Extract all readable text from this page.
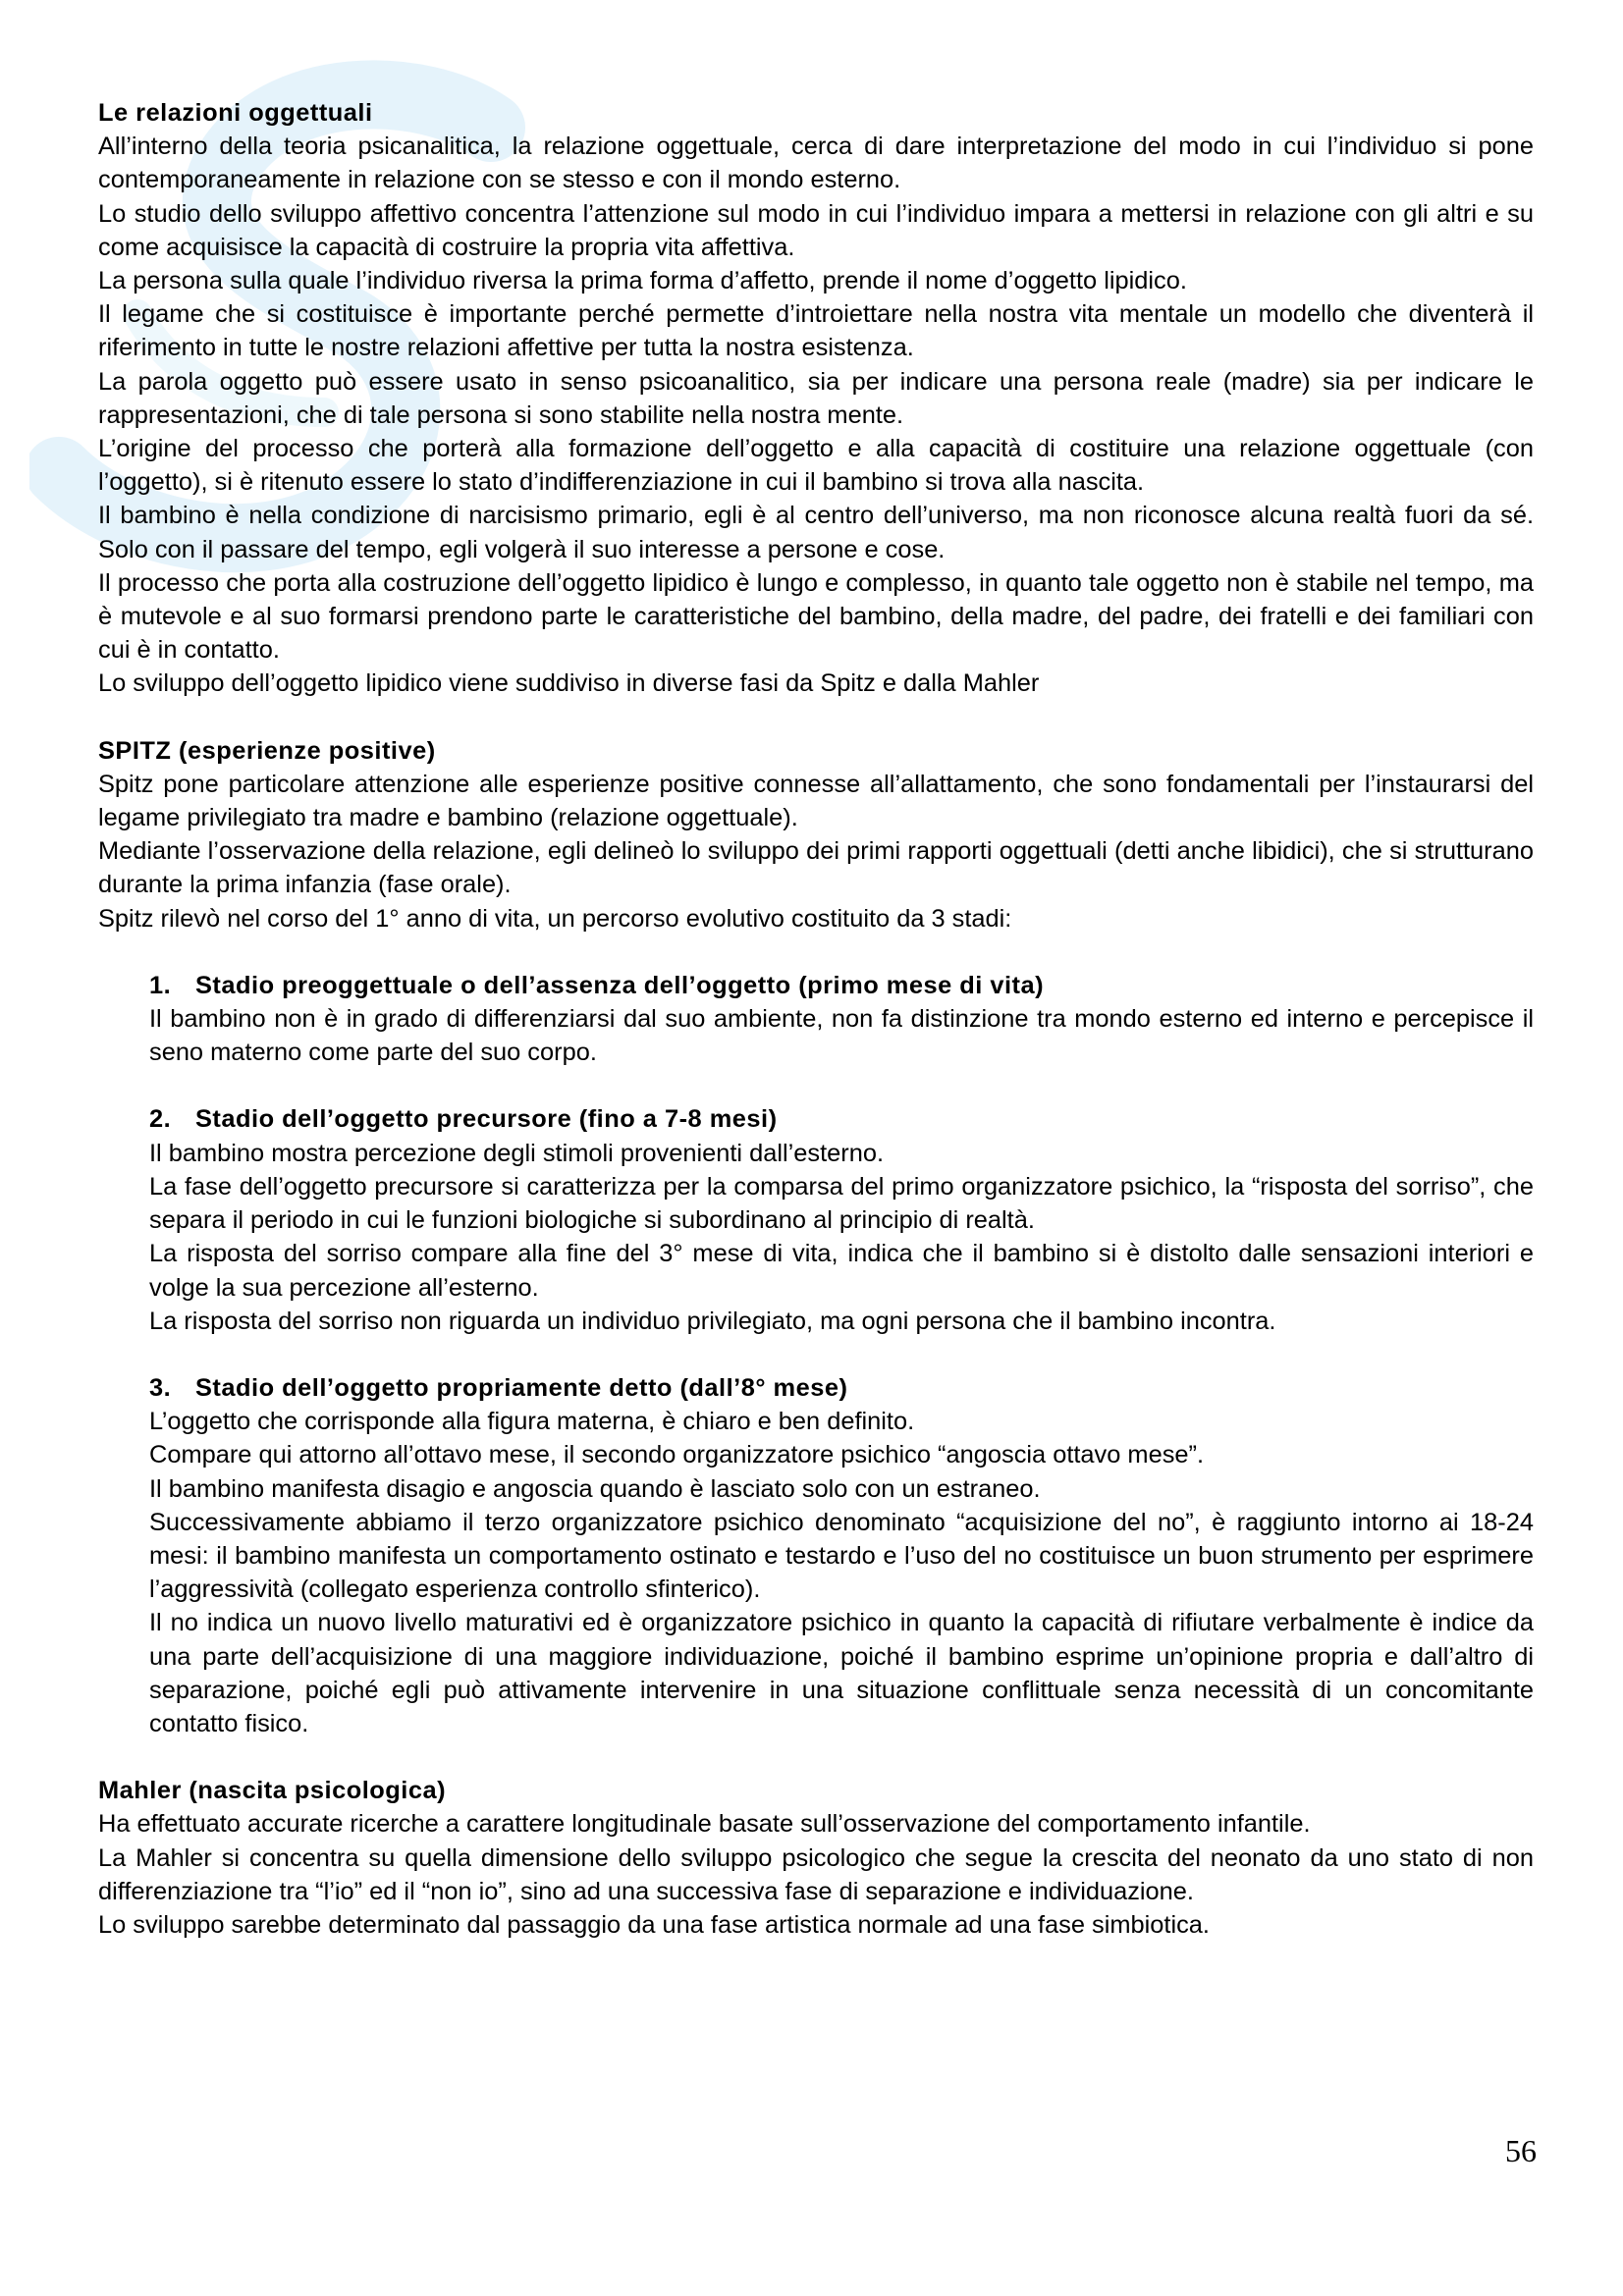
Le relazioni oggettuali

All’interno della teoria psicanalitica, la relazione oggettuale, cerca di dare interpretazione del modo in cui l’individuo si pone contemporaneamente in relazione con se stesso e con il mondo esterno.

Lo studio dello sviluppo affettivo concentra l’attenzione sul modo in cui l’individuo impara a mettersi in relazione con gli altri e su come acquisisce la capacità di costruire la propria vita affettiva.

La persona sulla quale l’individuo riversa la prima forma d’affetto, prende il nome d’oggetto lipidico.

Il legame che si costituisce è importante perché permette d’introiettare nella nostra vita mentale un modello che diventerà il riferimento in tutte le nostre relazioni affettive per tutta la nostra esistenza.

La parola oggetto può essere usato in senso psicoanalitico, sia per indicare una persona reale (madre) sia per indicare le rappresentazioni, che di tale persona si sono stabilite nella nostra mente.

L’origine del processo che porterà alla formazione dell’oggetto e alla capacità di costituire una relazione oggettuale (con l’oggetto), si è ritenuto essere lo stato d’indifferenziazione in cui il bambino si trova alla nascita.

Il bambino è nella condizione di narcisismo primario, egli è al centro dell’universo, ma non riconosce alcuna realtà fuori da sé. Solo con il passare del tempo, egli volgerà il suo interesse a persone e cose.

Il processo che porta alla costruzione dell’oggetto lipidico è lungo e complesso, in quanto tale oggetto non è stabile nel tempo, ma è mutevole e al suo formarsi prendono parte le caratteristiche del bambino, della madre, del padre, dei fratelli e dei familiari con cui è in contatto.

Lo sviluppo dell’oggetto lipidico viene suddiviso in diverse fasi da Spitz e dalla Mahler

SPITZ (esperienze positive)

Spitz pone particolare attenzione alle esperienze positive connesse all’allattamento, che sono fondamentali per l’instaurarsi del legame privilegiato tra madre e bambino (relazione oggettuale).

Mediante l’osservazione della relazione, egli delineò lo sviluppo dei primi rapporti oggettuali (detti anche libidici), che si strutturano durante la prima infanzia (fase orale).

Spitz rilevò nel corso del 1° anno di vita, un percorso evolutivo costituito da 3 stadi:

1. Stadio preoggettuale o dell’assenza dell’oggetto (primo mese di vita)

Il bambino non è in grado di differenziarsi dal suo ambiente, non fa distinzione tra mondo esterno ed interno e percepisce il seno materno come parte del suo corpo.

2. Stadio dell’oggetto precursore (fino a 7-8 mesi)

Il bambino mostra percezione degli stimoli provenienti dall’esterno.

La fase dell’oggetto precursore si caratterizza per la comparsa del primo organizzatore psichico, la “risposta del sorriso”, che separa il periodo in cui le funzioni biologiche si subordinano al principio di realtà.

La risposta del sorriso compare alla fine del 3° mese di vita, indica che il bambino si è distolto dalle sensazioni interiori e volge la sua percezione all’esterno.

La risposta del sorriso non riguarda un individuo privilegiato, ma ogni persona che il bambino incontra.

3. Stadio dell’oggetto propriamente detto (dall’8° mese)

L’oggetto che corrisponde alla figura materna, è chiaro e ben definito.

Compare qui attorno all’ottavo mese, il secondo organizzatore psichico “angoscia ottavo mese”.

Il bambino manifesta disagio e angoscia quando è lasciato solo con un estraneo.

Successivamente abbiamo il terzo organizzatore psichico denominato “acquisizione del no”, è raggiunto intorno ai 18-24 mesi: il bambino manifesta un comportamento ostinato e testardo e l’uso del no costituisce un buon strumento per esprimere l’aggressività (collegato esperienza controllo sfinterico).

Il no indica un nuovo livello maturativi ed è organizzatore psichico in quanto la capacità di rifiutare verbalmente è indice da una parte dell’acquisizione di una maggiore individuazione, poiché il bambino esprime un’opinione propria e dall’altro di separazione, poiché egli può attivamente intervenire in una situazione conflittuale senza necessità di un concomitante contatto fisico.

Mahler (nascita psicologica)

Ha effettuato accurate ricerche a carattere longitudinale basate sull’osservazione del comportamento infantile.

La Mahler si concentra su quella dimensione dello sviluppo psicologico che segue la crescita del neonato da uno stato di non differenziazione tra “l’io” ed il “non io”, sino ad una successiva fase di separazione e individuazione.

Lo sviluppo sarebbe determinato dal passaggio da una fase artistica normale ad una fase simbiotica.

56
